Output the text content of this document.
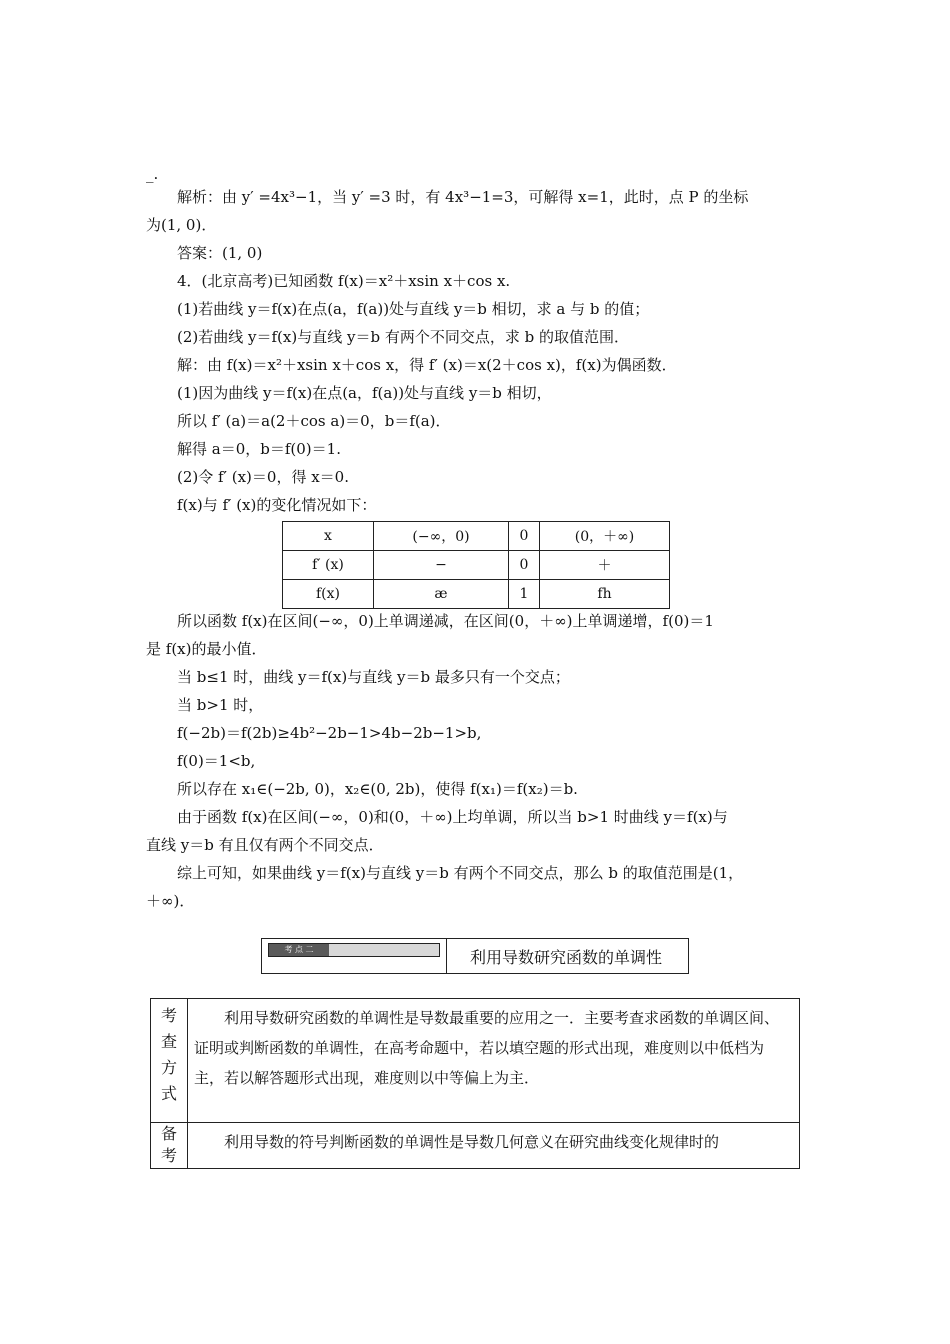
_.
解析：由 y′ =4x³−1，当 y′ =3 时，有 4x³−1=3，可解得 x=1，此时，点 P 的坐标
为(1, 0)．
答案：(1, 0)
4．(北京高考)已知函数 f(x)＝x²＋xsin x＋cos x.
(1)若曲线 y＝f(x)在点(a，f(a))处与直线 y＝b 相切，求 a 与 b 的值；
(2)若曲线 y＝f(x)与直线 y＝b 有两个不同交点，求 b 的取值范围．
解：由 f(x)＝x²＋xsin x＋cos x，得 f′ (x)＝x(2＋cos x)，f(x)为偶函数．
(1)因为曲线 y＝f(x)在点(a，f(a))处与直线 y＝b 相切，
所以 f′ (a)＝a(2＋cos a)＝0，b＝f(a)．
解得 a＝0，b＝f(0)＝1.
(2)令 f′ (x)＝0，得 x＝0.
f(x)与 f′ (x)的变化情况如下：
x	(−∞，0)	0	(0，＋∞)
f′ (x)	−	0	＋
f(x)	æ	1	fh
所以函数 f(x)在区间(−∞，0)上单调递减，在区间(0，＋∞)上单调递增，f(0)＝1
是 f(x)的最小值．
当 b≤1 时，曲线 y＝f(x)与直线 y＝b 最多只有一个交点；
当 b>1 时，
f(−2b)＝f(2b)≥4b²−2b−1>4b−2b−1>b,
f(0)＝1<b,
所以存在 x₁∈(−2b, 0)，x₂∈(0, 2b)，使得 f(x₁)＝f(x₂)＝b.
由于函数 f(x)在区间(−∞，0)和(0，＋∞)上均单调，所以当 b>1 时曲线 y＝f(x)与
直线 y＝b 有且仅有两个不同交点．
综上可知，如果曲线 y＝f(x)与直线 y＝b 有两个不同交点，那么 b 的取值范围是(1，
＋∞)．
考 点 二	利用导数研究函数的单调性
考
查
方
式	利用导数研究函数的单调性是导数最重要的应用之一．主要考查求函数的单调区间、证明或判断函数的单调性，在高考命题中，若以填空题的形式出现，难度则以中低档为主，若以解答题形式出现，难度则以中等偏上为主．

备
考	利用导数的符号判断函数的单调性是导数几何意义在研究曲线变化规律时的
